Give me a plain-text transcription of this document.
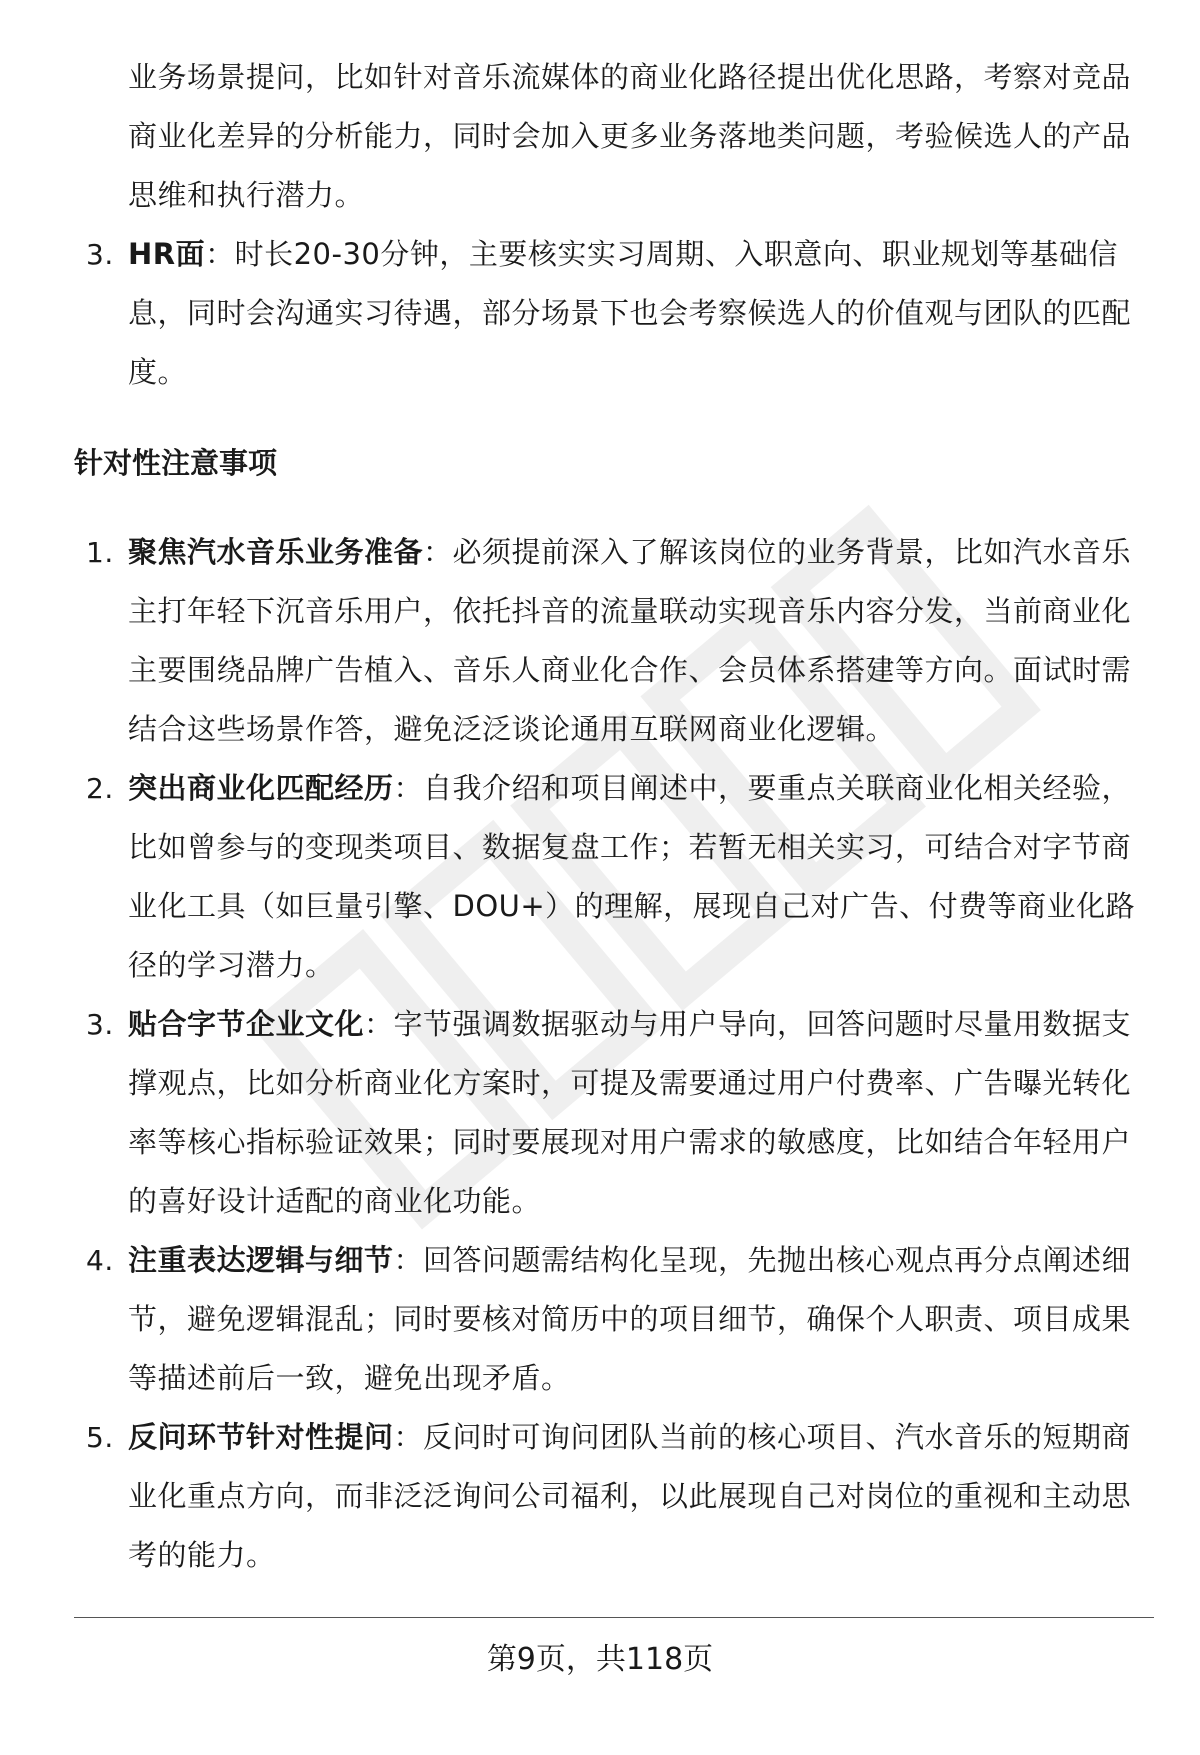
业务场景提问，比如针对音乐流媒体的商业化路径提出优化思路，考察对竞品
商业化差异的分析能力，同时会加入更多业务落地类问题，考验候选人的产品
思维和执行潜力。
3. HR面：时长20-30分钟，主要核实实习周期、入职意向、职业规划等基础信
息，同时会沟通实习待遇，部分场景下也会考察候选人的价值观与团队的匹配
度。
针对性注意事项
1. 聚焦汽水音乐业务准备：必须提前深入了解该岗位的业务背景，比如汽水音乐
主打年轻下沉音乐用户，依托抖音的流量联动实现音乐内容分发，当前商业化
主要围绕品牌广告植入、音乐人商业化合作、会员体系搭建等方向。面试时需
结合这些场景作答，避免泛泛谈论通用互联网商业化逻辑。
2. 突出商业化匹配经历：自我介绍和项目阐述中，要重点关联商业化相关经验，
比如曾参与的变现类项目、数据复盘工作；若暂无相关实习，可结合对字节商
业化工具（如巨量引擎、DOU+）的理解，展现自己对广告、付费等商业化路
径的学习潜力。
3. 贴合字节企业文化：字节强调数据驱动与用户导向，回答问题时尽量用数据支
撑观点，比如分析商业化方案时，可提及需要通过用户付费率、广告曝光转化
率等核心指标验证效果；同时要展现对用户需求的敏感度，比如结合年轻用户
的喜好设计适配的商业化功能。
4. 注重表达逻辑与细节：回答问题需结构化呈现，先抛出核心观点再分点阐述细
节，避免逻辑混乱；同时要核对简历中的项目细节，确保个人职责、项目成果
等描述前后一致，避免出现矛盾。
5. 反问环节针对性提问：反问时可询问团队当前的核心项目、汽水音乐的短期商
业化重点方向，而非泛泛询问公司福利，以此展现自己对岗位的重视和主动思
考的能力。
第9页，共118页
